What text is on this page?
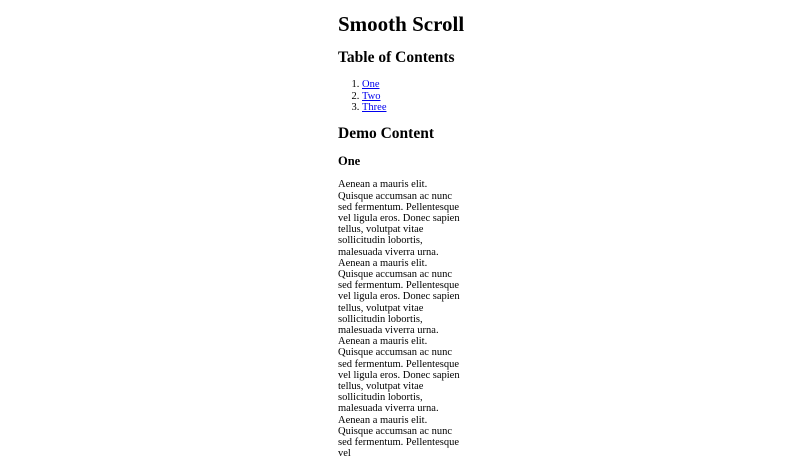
Smooth Scroll
Table of Contents
1. One
2. Two
3. Three
Demo Content
One

Aenean a mauris elit. Quisque accumsan ac nunc sed fermentum. Pellentesque vel ligula eros. Donec sapien tellus, volutpat vitae sollicitudin lobortis, malesuada viverra urna. Aenean a mauris elit. Quisque accumsan ac nunc sed fermentum. Pellentesque vel ligula eros. Donec sapien tellus, volutpat vitae sollicitudin lobortis, malesuada viverra urna. Aenean a mauris elit. Quisque accumsan ac nunc sed fermentum. Pellentesque vel ligula eros. Donec sapien tellus, volutpat vitae sollicitudin lobortis, malesuada viverra urna. Aenean a mauris elit. Quisque accumsan ac nunc sed fermentum. Pellentesque vel
